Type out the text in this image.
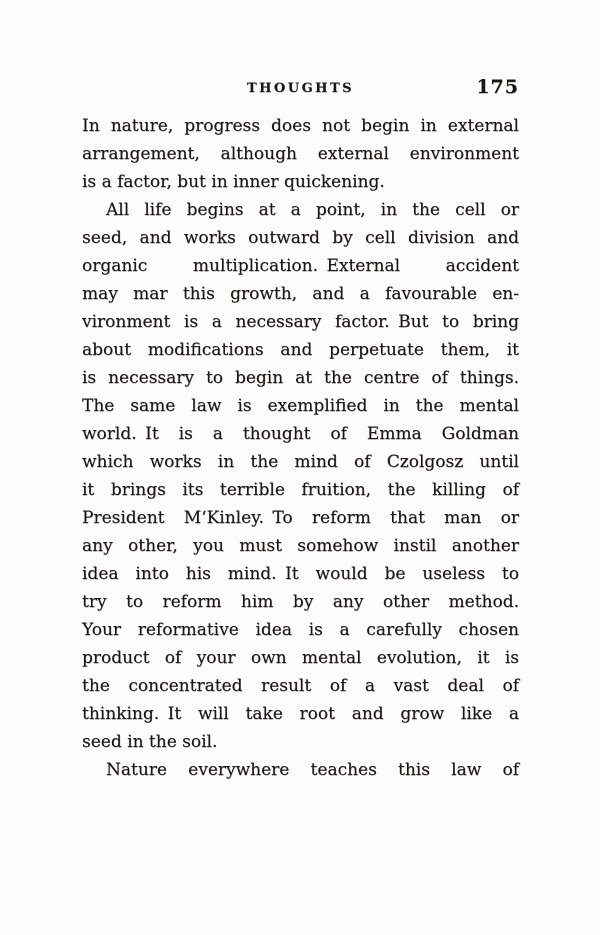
THOUGHTS	175
In nature, progress does not begin in external
arrangement, although external environment
is a factor, but in inner quickening.
All life begins at a point, in the cell or
seed, and works outward by cell division and
organic multiplication. External accident
may mar this growth, and a favourable en-
vironment is a necessary factor. But to bring
about modifications and perpetuate them, it
is necessary to begin at the centre of things.
The same law is exemplified in the mental
world. It is a thought of Emma Goldman
which works in the mind of Czolgosz until
it brings its terrible fruition, the killing of
President M‘Kinley. To reform that man or
any other, you must somehow instil another
idea into his mind. It would be useless to
try to reform him by any other method.
Your reformative idea is a carefully chosen
product of your own mental evolution, it is
the concentrated result of a vast deal of
thinking. It will take root and grow like a
seed in the soil.
Nature everywhere teaches this law of
